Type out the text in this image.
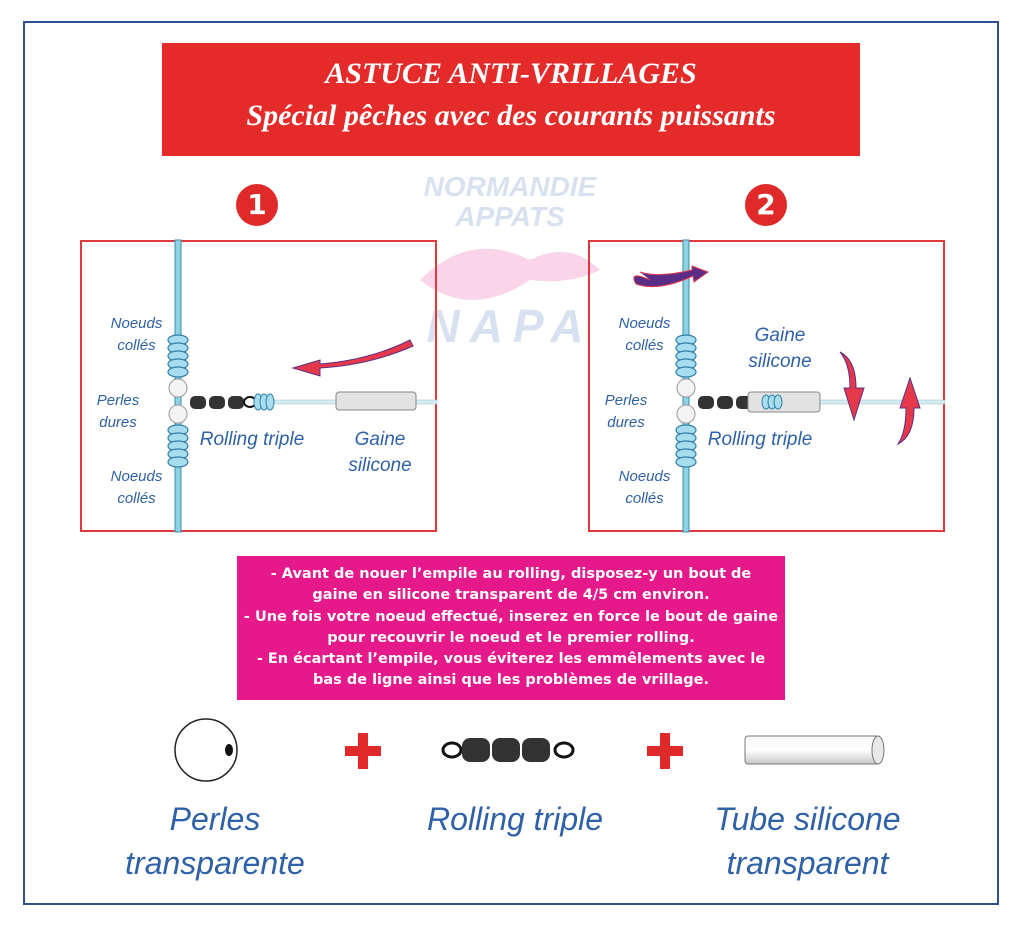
ASTUCE ANTI-VRILLAGES
Spécial pêches avec des courants puissants
NORMANDIE
APPATS
NAPA
1	2
Noeuds
collés
Perles
dures
Noeuds
collés
Rolling triple	Gaine
silicone
Noeuds
collés
Perles
dures
Noeuds
collés
Rolling triple
Gaine
silicone
- Avant de nouer l’empile au rolling, disposez-y un bout de
gaine en silicone transparent de 4/5 cm environ.
- Une fois votre noeud effectué, inserez en force le bout de gaine
pour recouvrir le noeud et le premier rolling.
- En écartant l’empile, vous éviterez les emmêlements avec le
bas de ligne ainsi que les problèmes de vrillage.
Perles
transparente
Rolling triple	Tube silicone
transparent
